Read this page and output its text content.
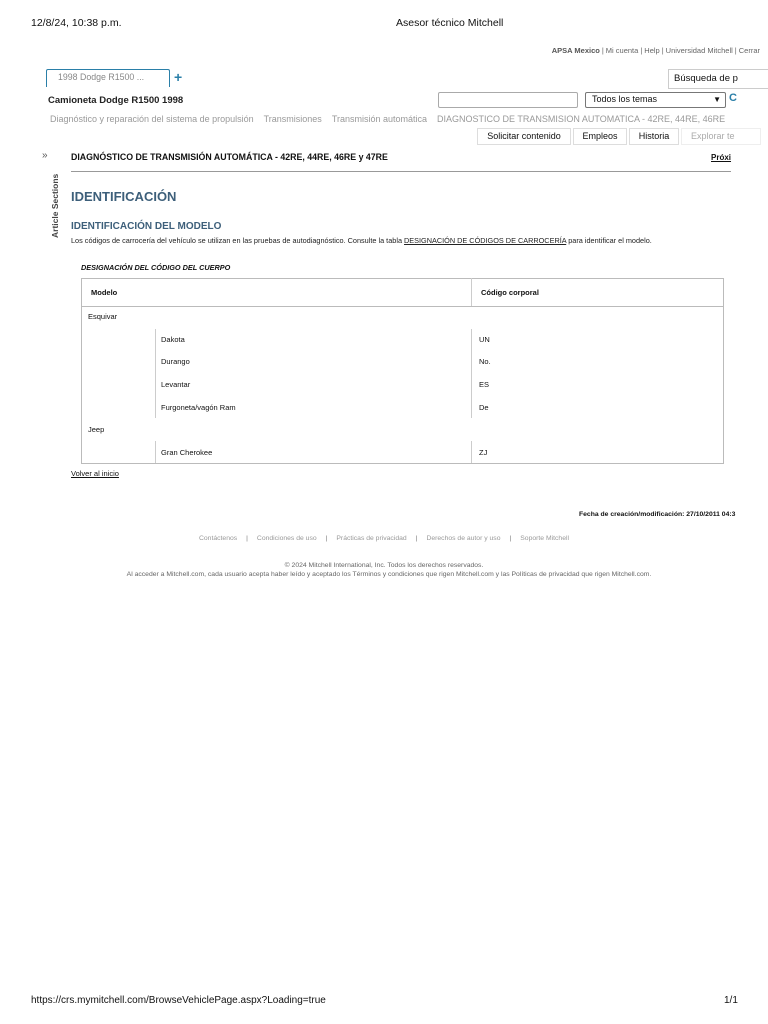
12/8/24, 10:38 p.m.	Asesor técnico Mitchell
APSA Mexico | Mi cuenta | Help | Universidad Mitchell | Cerrar
1998 Dodge R1500 ... +	Búsqueda de p
Camioneta Dodge R1500 1998	Todos los temas	▼ C
Diagnóstico y reparación del sistema de propulsión Transmisiones Transmisión automática DIAGNOSTICO DE TRANSMISION AUTOMATICA - 42RE, 44RE, 46RE
Solicitar contenido	Empleos	Historia	Explorar te
»
Article Sections
DIAGNÓSTICO DE TRANSMISIÓN AUTOMÁTICA - 42RE, 44RE, 46RE y 47RE	Próxi
IDENTIFICACIÓN
IDENTIFICACIÓN DEL MODELO
Los códigos de carrocería del vehículo se utilizan en las pruebas de autodiagnóstico. Consulte la tabla DESIGNACIÓN DE CÓDIGOS DE CARROCERÍA para identificar el modelo.
DESIGNACIÓN DEL CÓDIGO DEL CUERPO
Modelo	Código corporal
Esquivar
Dakota	UN
Durango	No.
Levantar	ES
Furgoneta/vagón Ram	De
Jeep
Gran Cherokee	ZJ
Volver al inicio
Fecha de creación/modificación: 27/10/2011 04:3
Contáctenos | Condiciones de uso | Prácticas de privacidad | Derechos de autor y uso | Soporte Mitchell
© 2024 Mitchell International, Inc. Todos los derechos reservados.
Al acceder a Mitchell.com, cada usuario acepta haber leído y aceptado los Términos y condiciones que rigen Mitchell.com y las Políticas de privacidad que rigen Mitchell.com.
https://crs.mymitchell.com/BrowseVehiclePage.aspx?Loading=true	1/1
